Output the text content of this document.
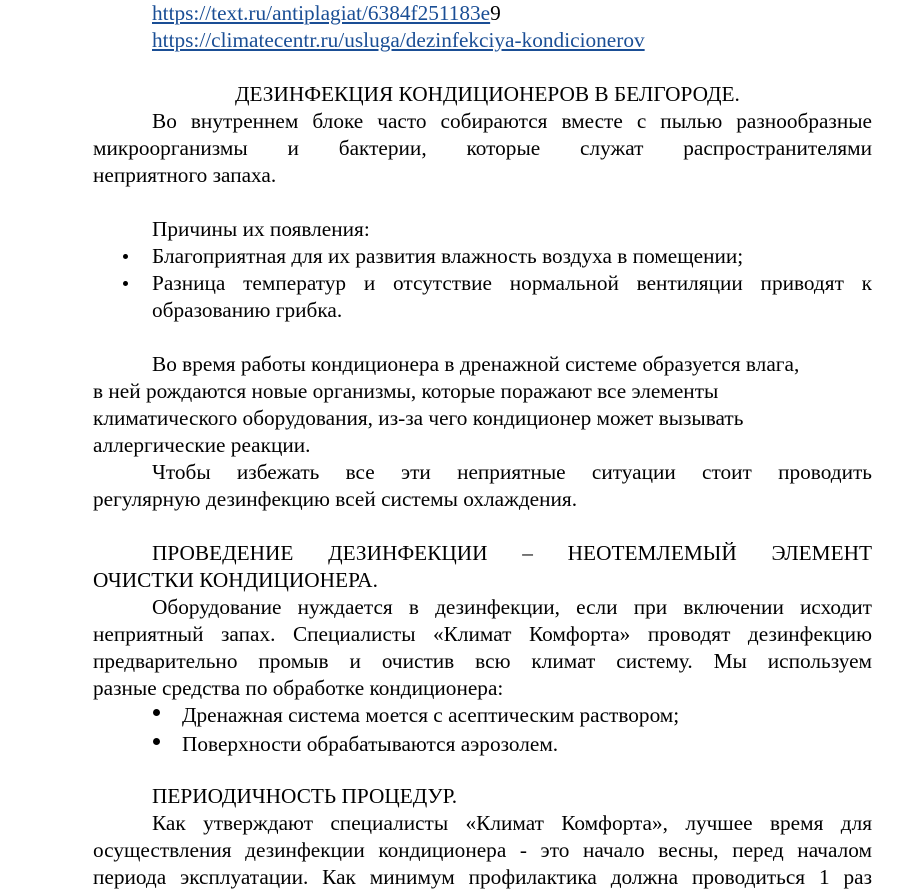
https://text.ru/antiplagiat/6384f251183e9
https://climatecentr.ru/usluga/dezinfekciya-kondicionerov
ДЕЗИНФЕКЦИЯ КОНДИЦИОНЕРОВ В БЕЛГОРОДЕ.
Во внутреннем блоке часто собираются вместе с пылью разнообразные
микроорганизмы и бактерии, которые служат распространителями
неприятного запаха.
Причины их появления:
Благоприятная для их развития влажность воздуха в помещении;
Разница температур и отсутствие нормальной вентиляции приводят к
образованию грибка.
Во время работы кондиционера в дренажной системе образуется влага,
в ней рождаются новые организмы, которые поражают все элементы
климатического оборудования, из-за чего кондиционер может вызывать
аллергические реакции.
Чтобы избежать все эти неприятные ситуации стоит проводить
регулярную дезинфекцию всей системы охлаждения.
ПРОВЕДЕНИЕ ДЕЗИНФЕКЦИИ – НЕОТЕМЛЕМЫЙ ЭЛЕМЕНТ
ОЧИСТКИ КОНДИЦИОНЕРА.
Оборудование нуждается в дезинфекции, если при включении исходит
неприятный запах. Специалисты «Климат Комфорта» проводят дезинфекцию
предварительно промыв и очистив всю климат систему. Мы используем
разные средства по обработке кондиционера:
Дренажная система моется с асептическим раствором;
Поверхности обрабатываются аэрозолем.
ПЕРИОДИЧНОСТЬ ПРОЦЕДУР.
Как утверждают специалисты «Климат Комфорта», лучшее время для
осуществления дезинфекции кондиционера - это начало весны, перед началом
периода эксплуатации. Как минимум профилактика должна проводиться 1 раз
